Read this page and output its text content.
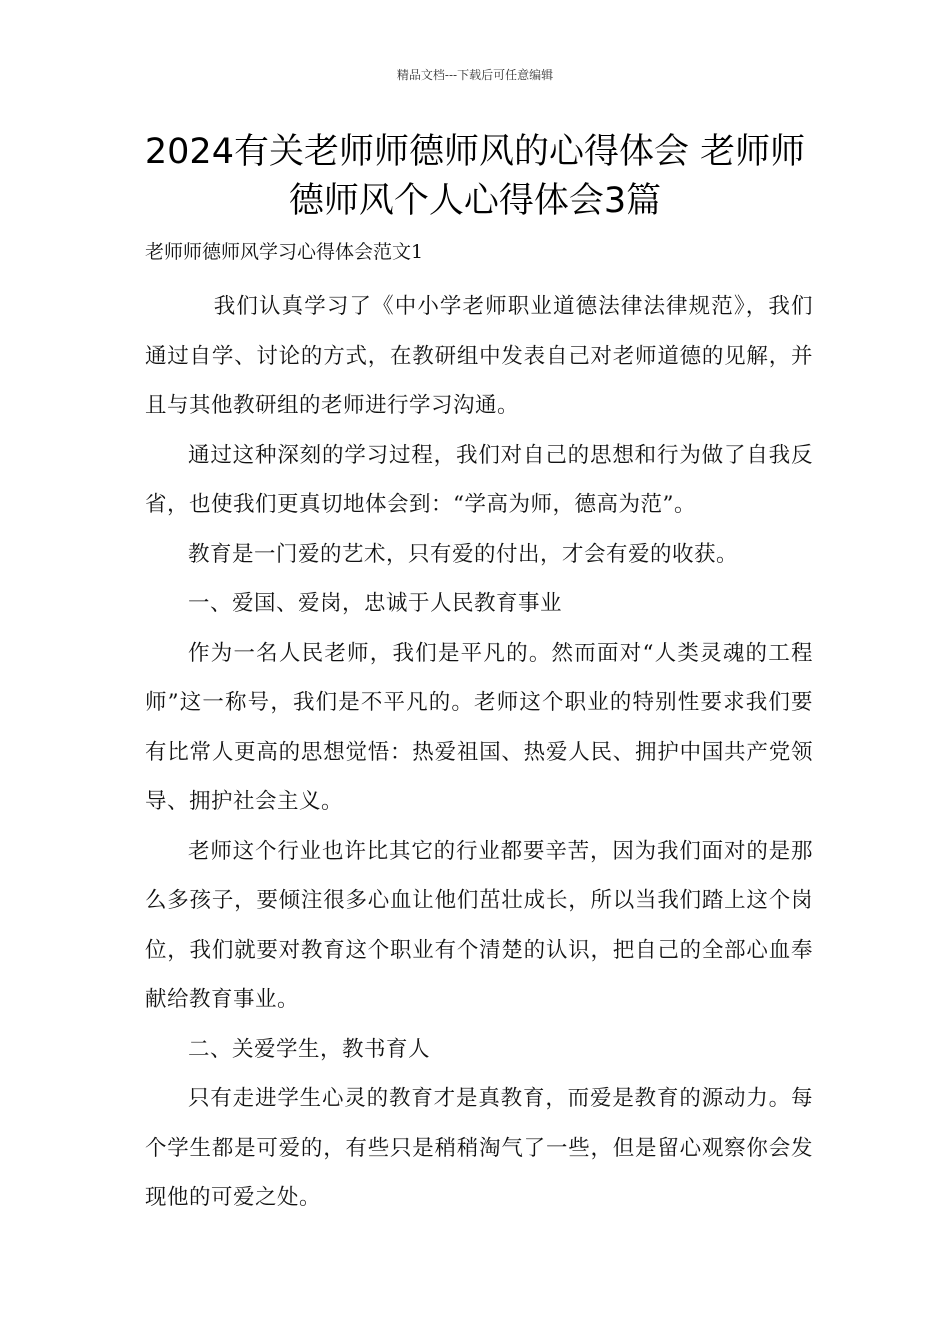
精品文档---下载后可任意编辑
2024有关老师师德师风的心得体会 老师师德师风个人心得体会3篇
老师师德师风学习心得体会范文1

我们认真学习了《中小学老师职业道德法律法律规范》，我们通过自学、讨论的方式，在教研组中发表自己对老师道德的见解，并且与其他教研组的老师进行学习沟通。

通过这种深刻的学习过程，我们对自己的思想和行为做了自我反省，也使我们更真切地体会到：“学高为师，德高为范”。

教育是一门爱的艺术，只有爱的付出，才会有爱的收获。

一、爱国、爱岗，忠诚于人民教育事业

作为一名人民老师，我们是平凡的。然而面对“人类灵魂的工程师”这一称号，我们是不平凡的。老师这个职业的特别性要求我们要有比常人更高的思想觉悟：热爱祖国、热爱人民、拥护中国共产党领导、拥护社会主义。

老师这个行业也许比其它的行业都要辛苦，因为我们面对的是那么多孩子，要倾注很多心血让他们茁壮成长，所以当我们踏上这个岗位，我们就要对教育这个职业有个清楚的认识，把自己的全部心血奉献给教育事业。

二、关爱学生，教书育人

只有走进学生心灵的教育才是真教育，而爱是教育的源动力。每个学生都是可爱的，有些只是稍稍淘气了一些，但是留心观察你会发现他的可爱之处。
